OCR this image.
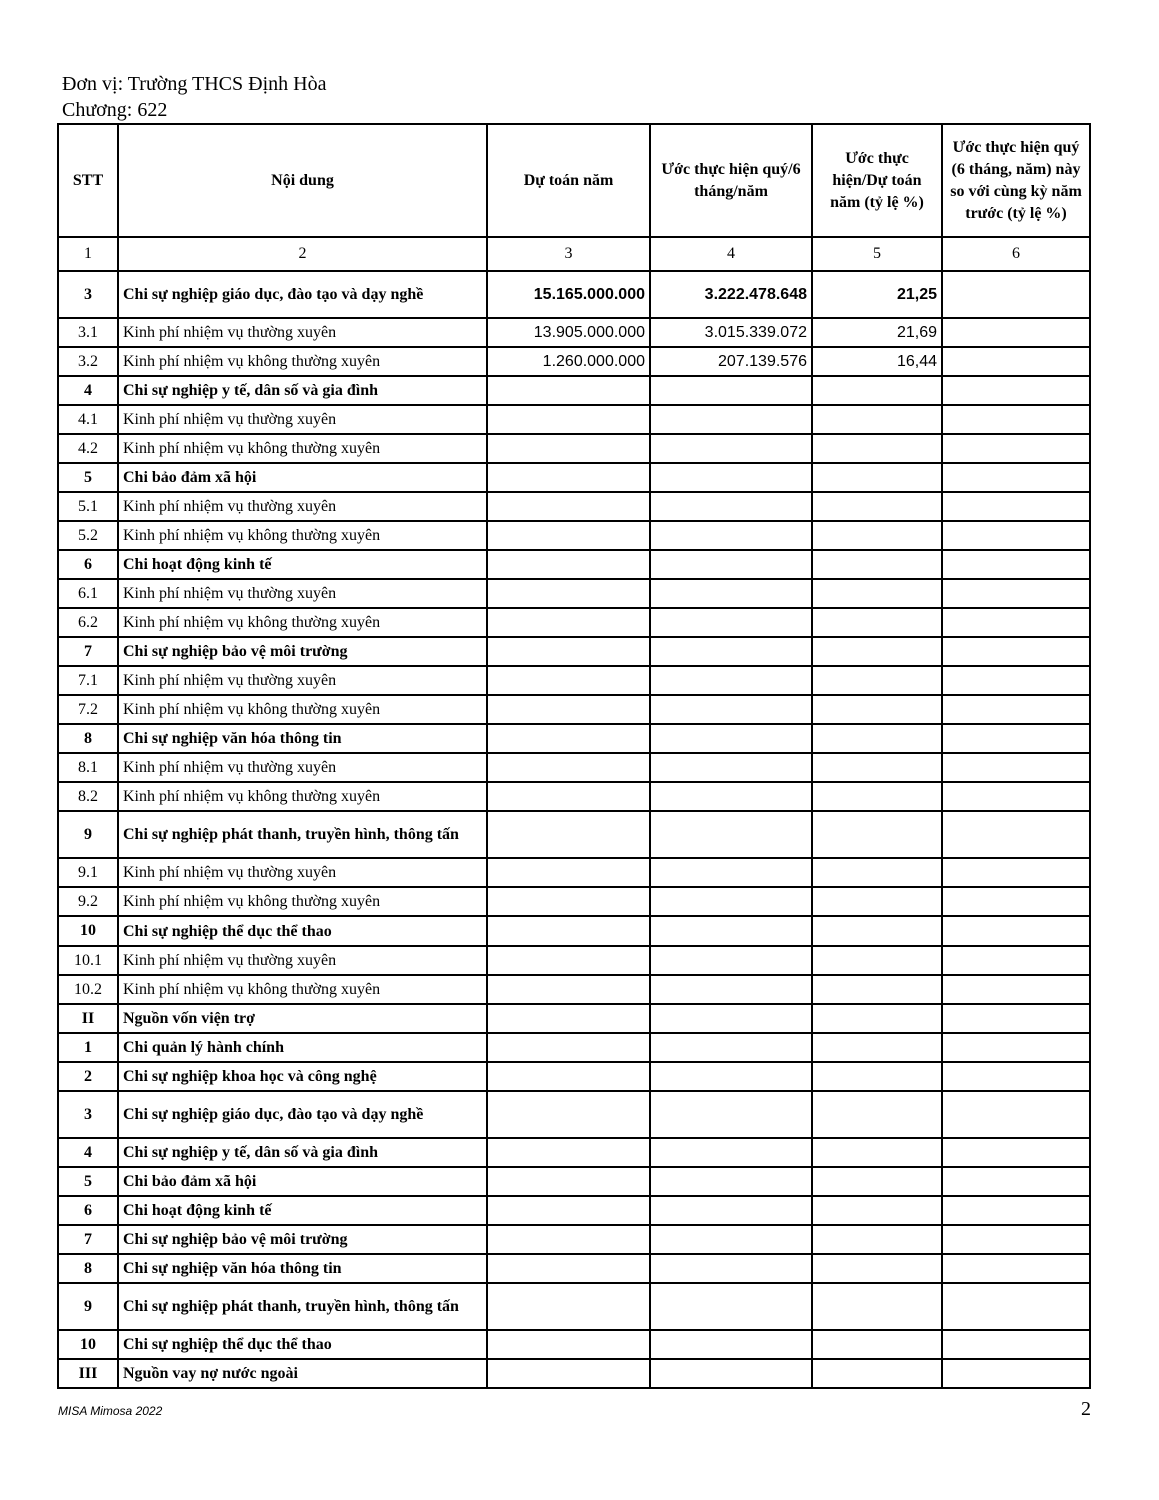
Đơn vị: Trường THCS Định Hòa
Chương: 622
STT	Nội dung	Dự toán năm	Ước thực hiện quý/6 tháng/năm	Ước thực hiện/Dự toán năm (tỷ lệ %)	Ước thực hiện quý (6 tháng, năm) này so với cùng kỳ năm trước (tỷ lệ %)
1	2	3	4	5	6
3	Chi sự nghiệp giáo dục, đào tạo và dạy nghề	15.165.000.000	3.222.478.648	21,25	
3.1	Kinh phí nhiệm vụ thường xuyên	13.905.000.000	3.015.339.072	21,69	
3.2	Kinh phí nhiệm vụ không thường xuyên	1.260.000.000	207.139.576	16,44	
4	Chi sự nghiệp y tế, dân số và gia đình				
4.1	Kinh phí nhiệm vụ thường xuyên				
4.2	Kinh phí nhiệm vụ không thường xuyên				
5	Chi bảo đảm xã hội				
5.1	Kinh phí nhiệm vụ thường xuyên				
5.2	Kinh phí nhiệm vụ không thường xuyên				
6	Chi hoạt động kinh tế				
6.1	Kinh phí nhiệm vụ thường xuyên				
6.2	Kinh phí nhiệm vụ không thường xuyên				
7	Chi sự nghiệp bảo vệ môi trường				
7.1	Kinh phí nhiệm vụ thường xuyên				
7.2	Kinh phí nhiệm vụ không thường xuyên				
8	Chi sự nghiệp văn hóa thông tin				
8.1	Kinh phí nhiệm vụ thường xuyên				
8.2	Kinh phí nhiệm vụ không thường xuyên				
9	Chi sự nghiệp phát thanh, truyền hình, thông tấn				
9.1	Kinh phí nhiệm vụ thường xuyên				
9.2	Kinh phí nhiệm vụ không thường xuyên				
10	Chi sự nghiệp thể dục thể thao				
10.1	Kinh phí nhiệm vụ thường xuyên				
10.2	Kinh phí nhiệm vụ không thường xuyên				
II	Nguồn vốn viện trợ				
1	Chi quản lý hành chính				
2	Chi sự nghiệp khoa học và công nghệ				
3	Chi sự nghiệp giáo dục, đào tạo và dạy nghề				
4	Chi sự nghiệp y tế, dân số và gia đình				
5	Chi bảo đảm xã hội				
6	Chi hoạt động kinh tế				
7	Chi sự nghiệp bảo vệ môi trường				
8	Chi sự nghiệp văn hóa thông tin				
9	Chi sự nghiệp phát thanh, truyền hình, thông tấn				
10	Chi sự nghiệp thể dục thể thao				
III	Nguồn vay nợ nước ngoài				
MISA Mimosa 2022	2
